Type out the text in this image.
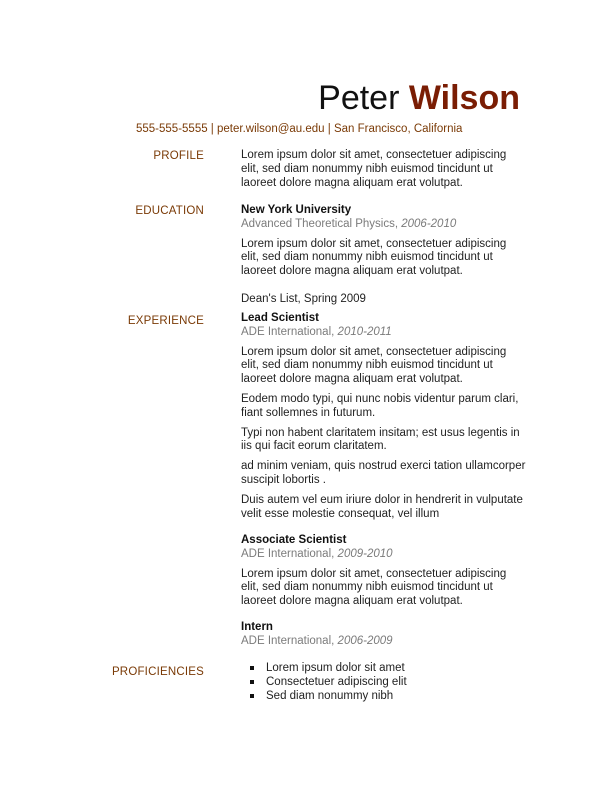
Peter Wilson
555-555-5555 | peter.wilson@au.edu | San Francisco, California
PROFILE	Lorem ipsum dolor sit amet, consectetuer adipiscing elit, sed diam nonummy nibh euismod tincidunt ut laoreet dolore magna aliquam erat volutpat.

EDUCATION	New York University
Advanced Theoretical Physics, 2006-2010

Lorem ipsum dolor sit amet, consectetuer adipiscing elit, sed diam nonummy nibh euismod tincidunt ut laoreet dolore magna aliquam erat volutpat.

Dean's List, Spring 2009

EXPERIENCE	Lead Scientist
ADE International, 2010-2011

Lorem ipsum dolor sit amet, consectetuer adipiscing elit, sed diam nonummy nibh euismod tincidunt ut laoreet dolore magna aliquam erat volutpat.

Eodem modo typi, qui nunc nobis videntur parum clari, fiant sollemnes in futurum.

Typi non habent claritatem insitam; est usus legentis in iis qui facit eorum claritatem.

ad minim veniam, quis nostrud exerci tation ullamcorper suscipit lobortis .

Duis autem vel eum iriure dolor in hendrerit in vulputate velit esse molestie consequat, vel illum

Associate Scientist
ADE International, 2009-2010

Lorem ipsum dolor sit amet, consectetuer adipiscing elit, sed diam nonummy nibh euismod tincidunt ut laoreet dolore magna aliquam erat volutpat.

Intern
ADE International, 2006-2009
PROFICIENCIES	Lorem ipsum dolor sit amet
Consectetuer adipiscing elit
Sed diam nonummy nibh
